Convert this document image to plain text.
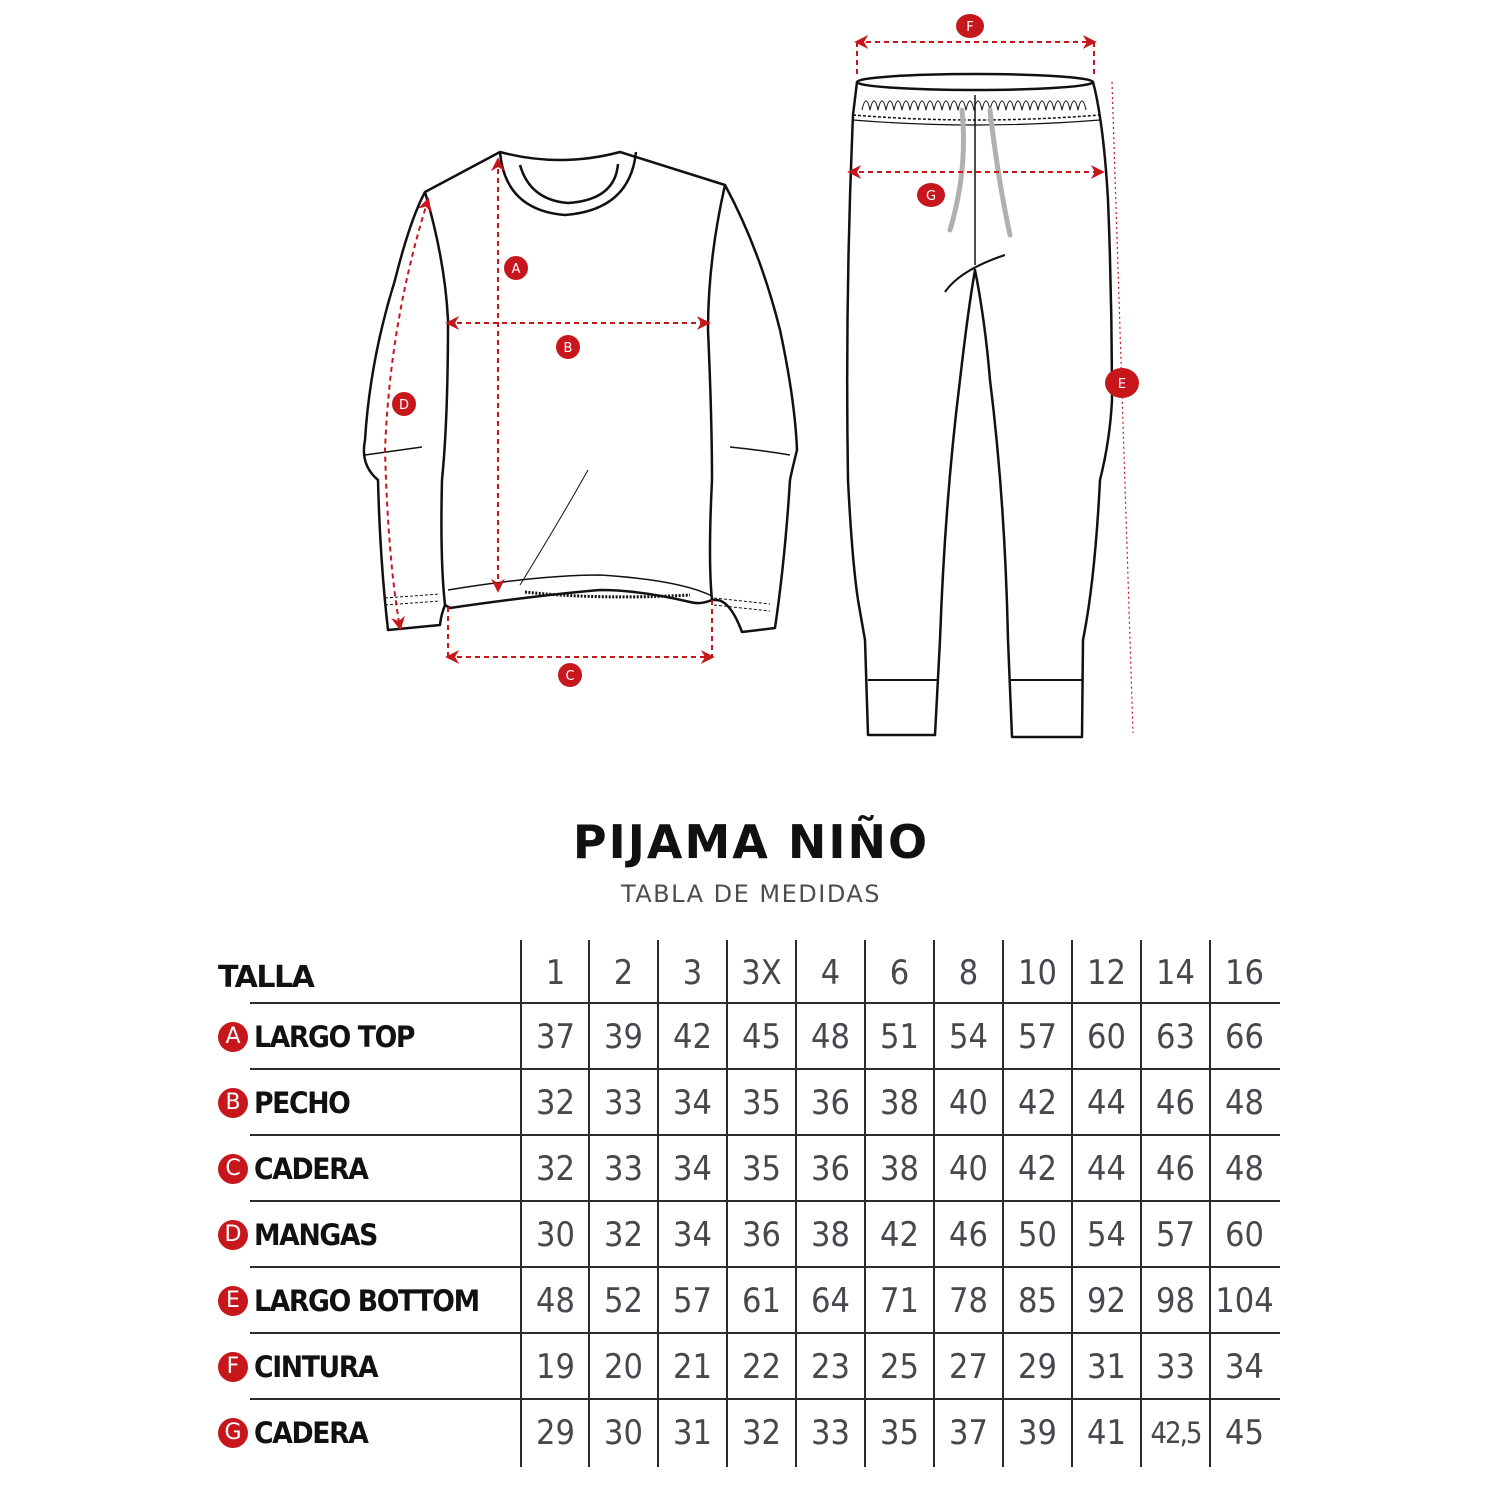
A
B
C
D
F
G
E
PIJAMA NIÑO
TABLA DE MEDIDAS
TALLA	1	2	3	3X	4	6	8	10 12 14 16
A LARGO TOP	37 39 42 45 48 51 54 57 60 63 66
B PECHO	32 33 34 35 36 38 40 42 44 46 48
C CADERA	32 33 34 35 36 38 40 42 44 46 48
D MANGAS	30 32 34 36 38 42 46 50 54 57 60
E LARGO BOTTOM	48 52 57 61 64 71 78 85 92 98 104
F CINTURA	19 20 21 22 23 25 27 29 31 33 34
G CADERA	29 30 31 32 33 35 37 39 41 42,5 45
